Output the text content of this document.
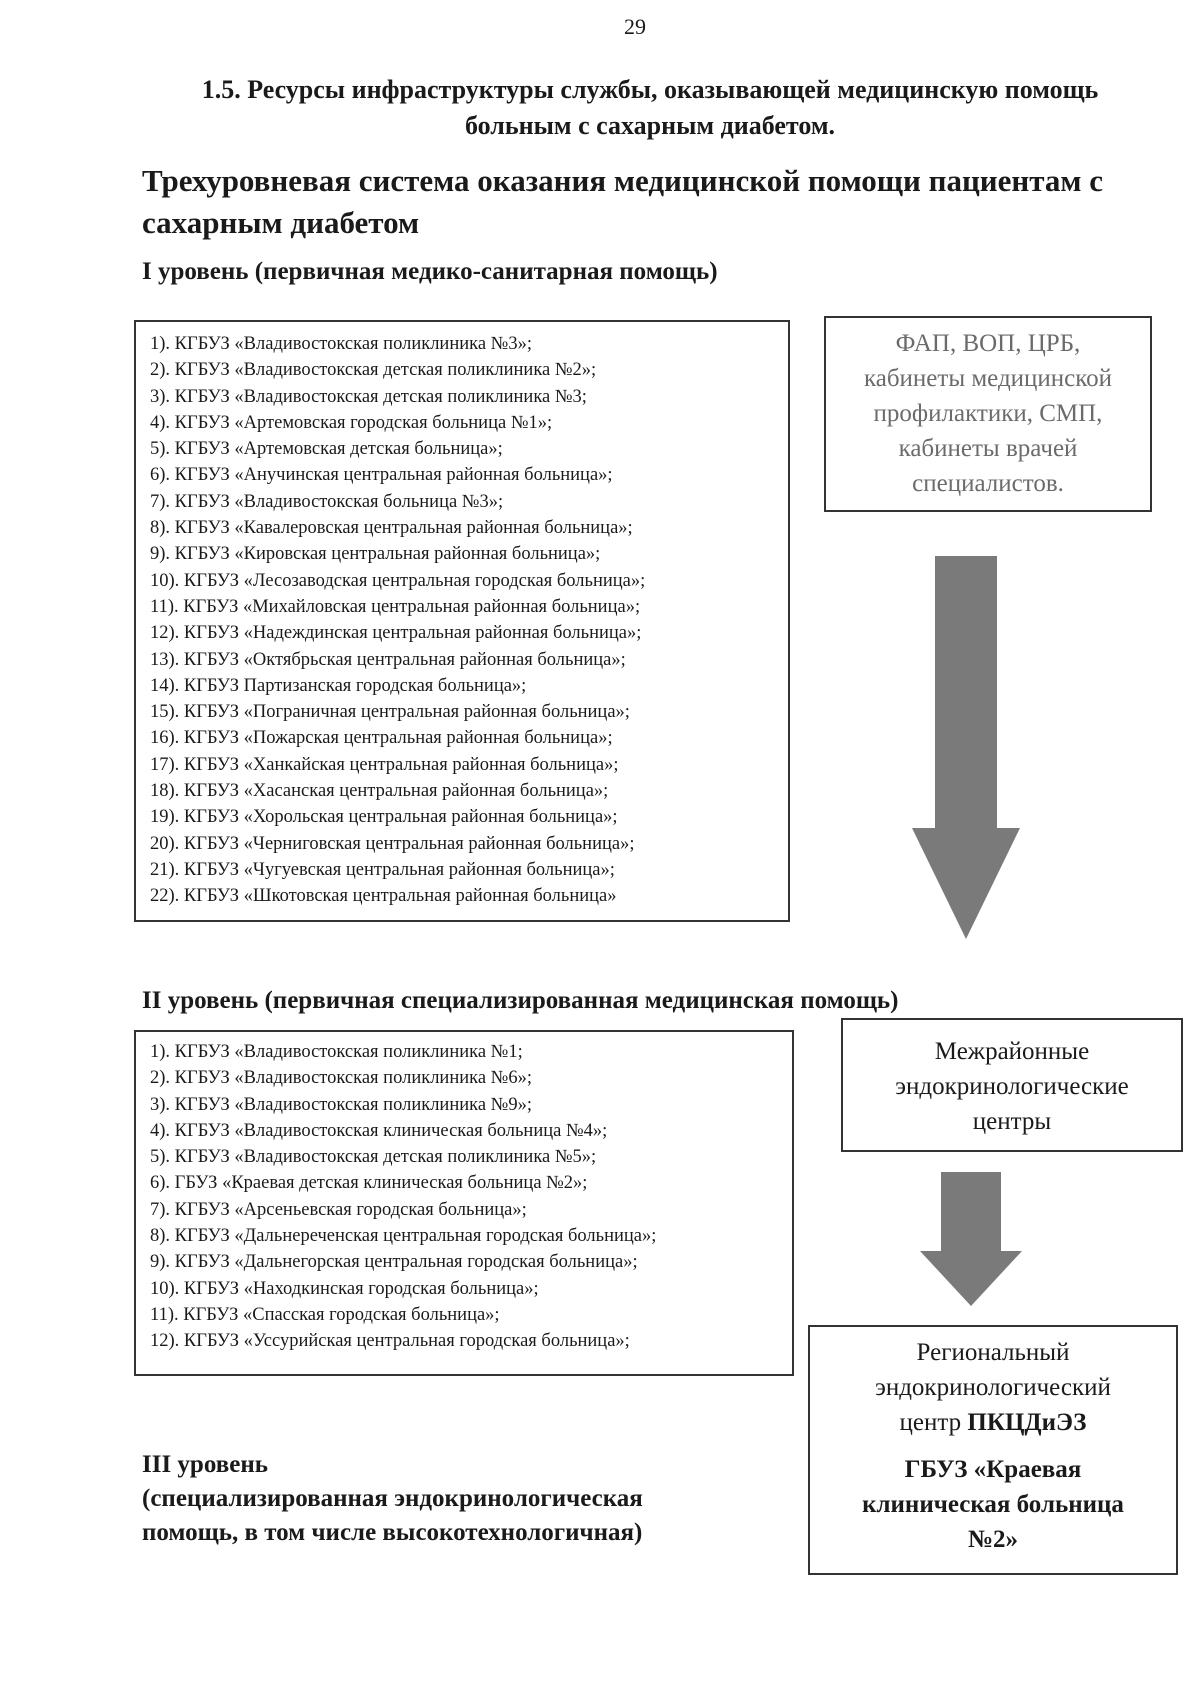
29
1.5. Ресурсы инфраструктуры службы, оказывающей медицинскую помощь больным с сахарным диабетом.
Трехуровневая система оказания медицинской помощи пациентам с сахарным диабетом
I уровень (первичная медико-санитарная помощь)
1). КГБУЗ «Владивостокская поликлиника №3»;
2). КГБУЗ «Владивостокская детская поликлиника №2»;
3). КГБУЗ «Владивостокская детская поликлиника №3;
4). КГБУЗ «Артемовская городская больница №1»;
5). КГБУЗ «Артемовская детская больница»;
6). КГБУЗ «Анучинская центральная районная больница»;
7). КГБУЗ «Владивостокская больница №3»;
8). КГБУЗ «Кавалеровская центральная районная больница»;
9). КГБУЗ «Кировская центральная районная больница»;
10). КГБУЗ «Лесозаводская центральная городская больница»;
11). КГБУЗ «Михайловская центральная районная больница»;
12). КГБУЗ «Надеждинская центральная районная больница»;
13). КГБУЗ «Октябрьская центральная районная больница»;
14). КГБУЗ Партизанская городская больница»;
15). КГБУЗ «Пограничная центральная районная больница»;
16). КГБУЗ «Пожарская центральная районная больница»;
17). КГБУЗ «Ханкайская центральная районная больница»;
18). КГБУЗ «Хасанская центральная районная больница»;
19). КГБУЗ «Хорольская центральная районная больница»;
20). КГБУЗ «Черниговская центральная районная больница»;
21). КГБУЗ «Чугуевская центральная районная больница»;
22). КГБУЗ «Шкотовская центральная районная больница»
ФАП, ВОП, ЦРБ,
кабинеты медицинской
профилактики, СМП,
кабинеты врачей
специалистов.
II уровень (первичная специализированная медицинская помощь)
1). КГБУЗ «Владивостокская поликлиника №1;
2). КГБУЗ «Владивостокская поликлиника №6»;
3). КГБУЗ «Владивостокская поликлиника №9»;
4). КГБУЗ «Владивостокская клиническая больница №4»;
5). КГБУЗ «Владивостокская детская поликлиника №5»;
6). ГБУЗ «Краевая детская клиническая больница №2»;
7). КГБУЗ «Арсеньевская городская больница»;
8). КГБУЗ «Дальнереченская центральная городская больница»;
9). КГБУЗ «Дальнегорская центральная городская больница»;
10). КГБУЗ «Находкинская городская больница»;
11). КГБУЗ «Спасская городская больница»;
12). КГБУЗ «Уссурийская центральная городская больница»;
Межрайонные
эндокринологические
центры
III уровень
(специализированная эндокринологическая
помощь, в том числе высокотехнологичная)
Региональный
эндокринологический
центр ПКЦДиЭЗ
ГБУЗ «Краевая
клиническая больница
№2»
